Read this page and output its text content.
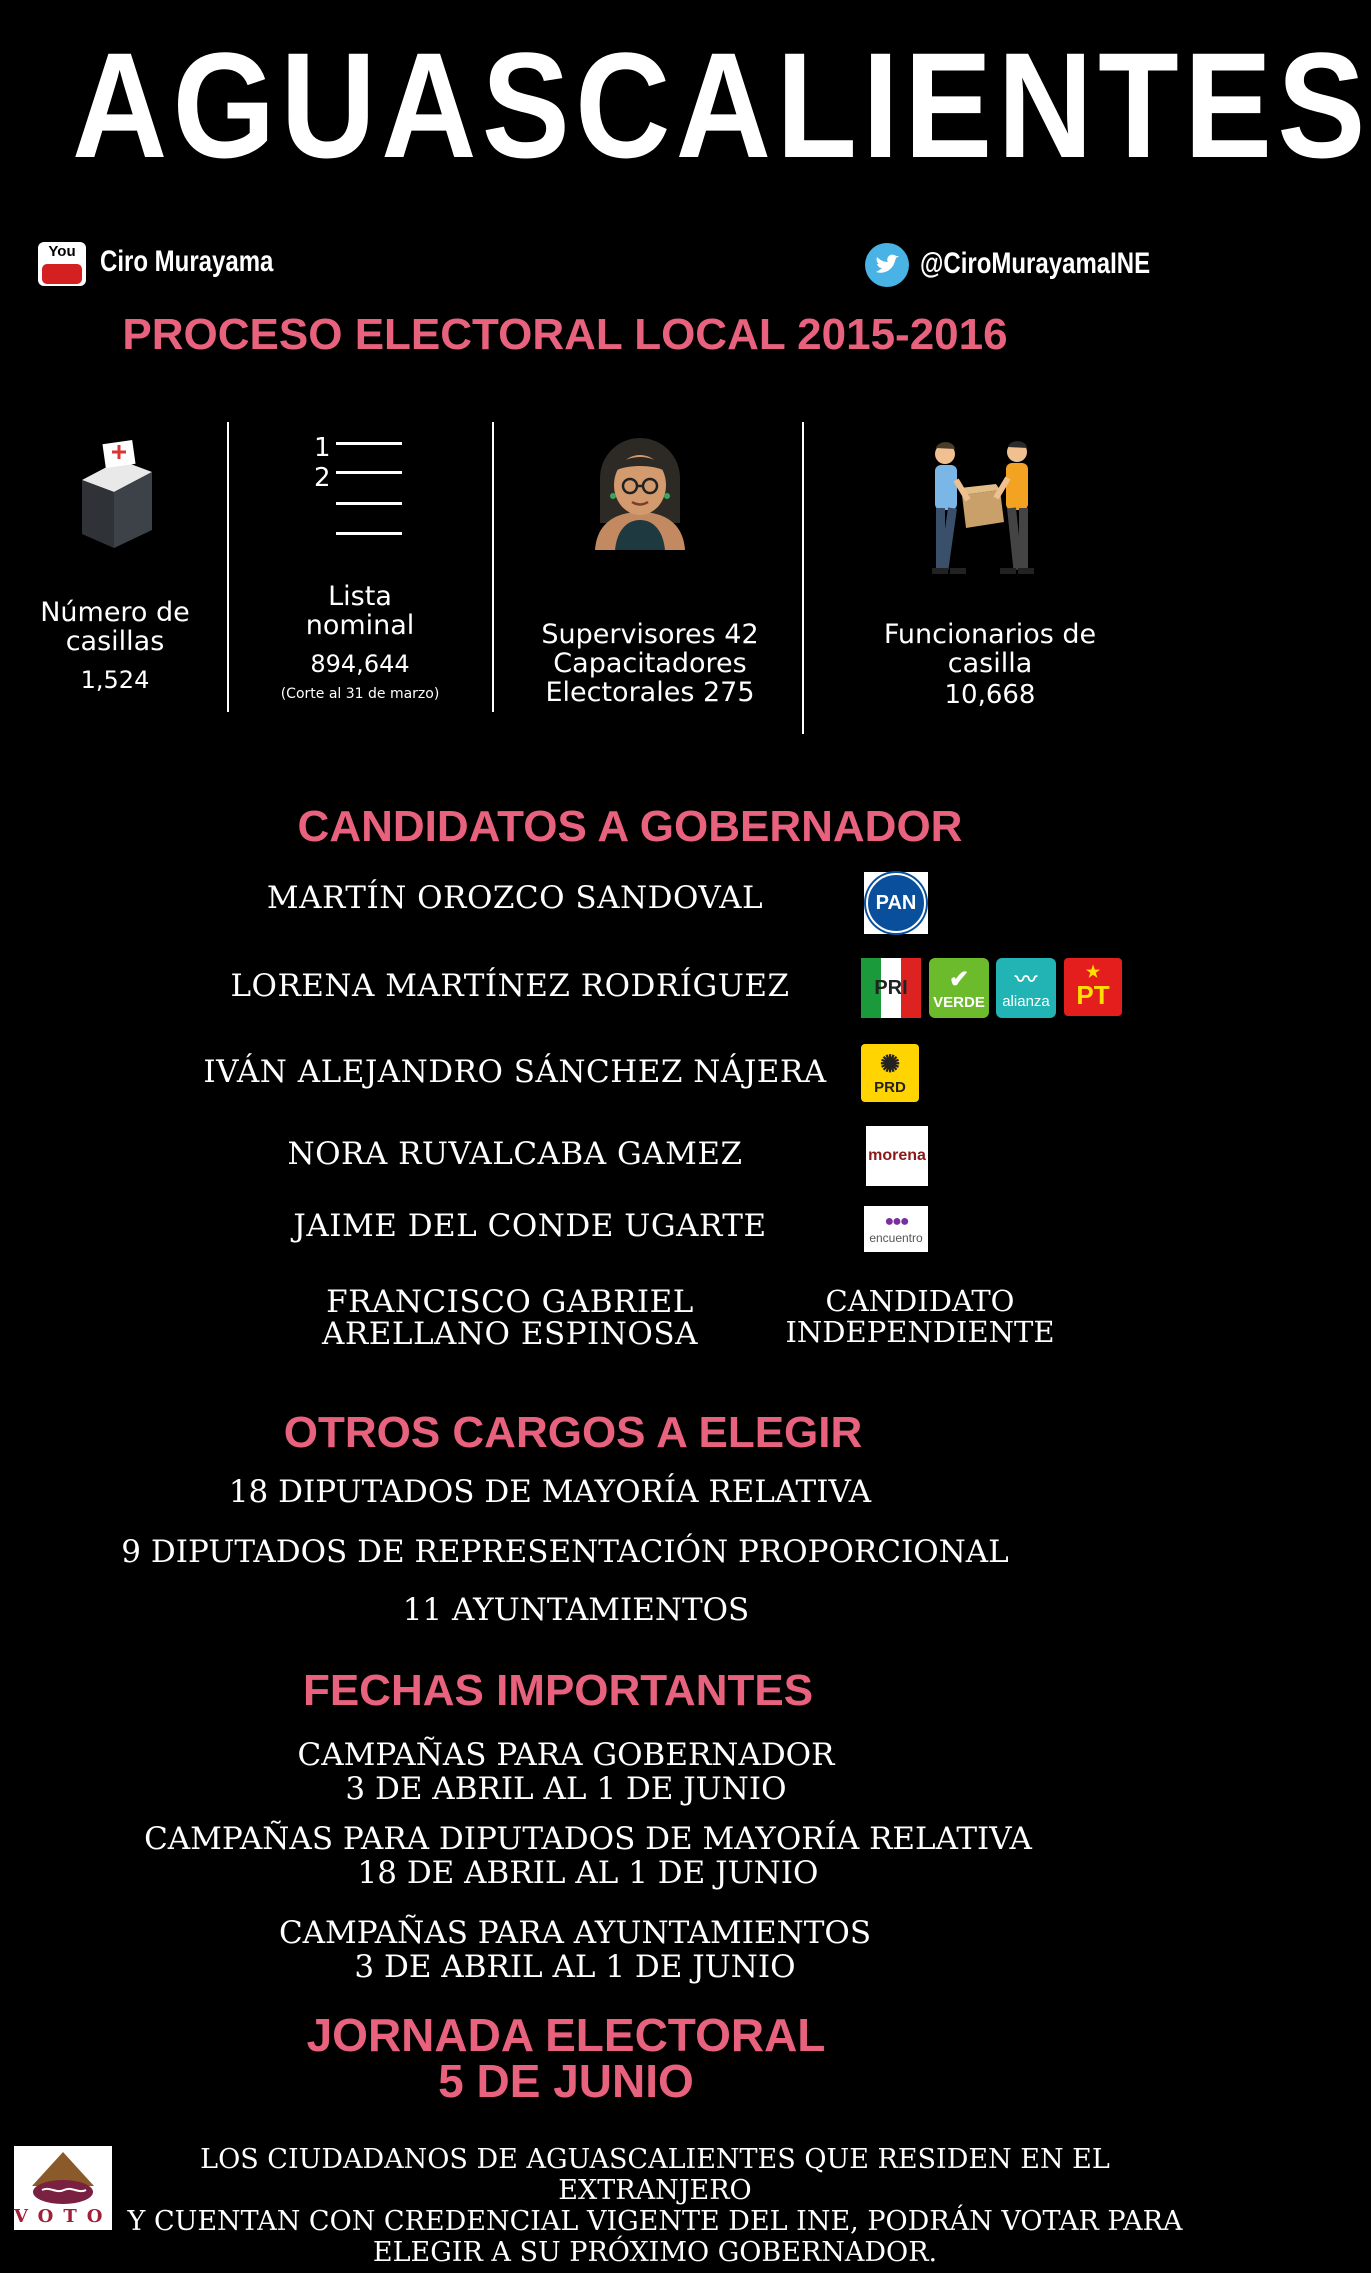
AGUASCALIENTES
You Ciro Murayama	@CiroMurayamaINE
PROCESO ELECTORAL LOCAL 2015-2016
Número de
casillas
1,524
1
2
Lista
nominal
894,644
(Corte al 31 de marzo)
Supervisores 42
Capacitadores
Electorales 275
Funcionarios de
casilla
10,668
CANDIDATOS A GOBERNADOR
MARTÍN OROZCO SANDOVAL	PAN
LORENA MARTÍNEZ RODRÍGUEZ	PRI ✔
VERDE
〰
alianza
★
PT
IVÁN ALEJANDRO SÁNCHEZ NÁJERA	✺
PRD
NORA RUVALCABA GAMEZ	morena
JAIME DEL CONDE UGARTE	●●●
encuentro
FRANCISCO GABRIEL
ARELLANO ESPINOSA
CANDIDATO
INDEPENDIENTE
OTROS CARGOS A ELEGIR
18 DIPUTADOS DE MAYORÍA RELATIVA
9 DIPUTADOS DE REPRESENTACIÓN PROPORCIONAL
11 AYUNTAMIENTOS
FECHAS IMPORTANTES
CAMPAÑAS PARA GOBERNADOR
3 DE ABRIL AL 1 DE JUNIO
CAMPAÑAS PARA DIPUTADOS DE MAYORÍA RELATIVA
18 DE ABRIL AL 1 DE JUNIO
CAMPAÑAS PARA AYUNTAMIENTOS
3 DE ABRIL AL 1 DE JUNIO
JORNADA ELECTORAL
5 DE JUNIO
VOTO
LOS CIUDADANOS DE AGUASCALIENTES QUE RESIDEN EN EL EXTRANJERO
Y CUENTAN CON CREDENCIAL VIGENTE DEL INE, PODRÁN VOTAR PARA
ELEGIR A SU PRÓXIMO GOBERNADOR.
